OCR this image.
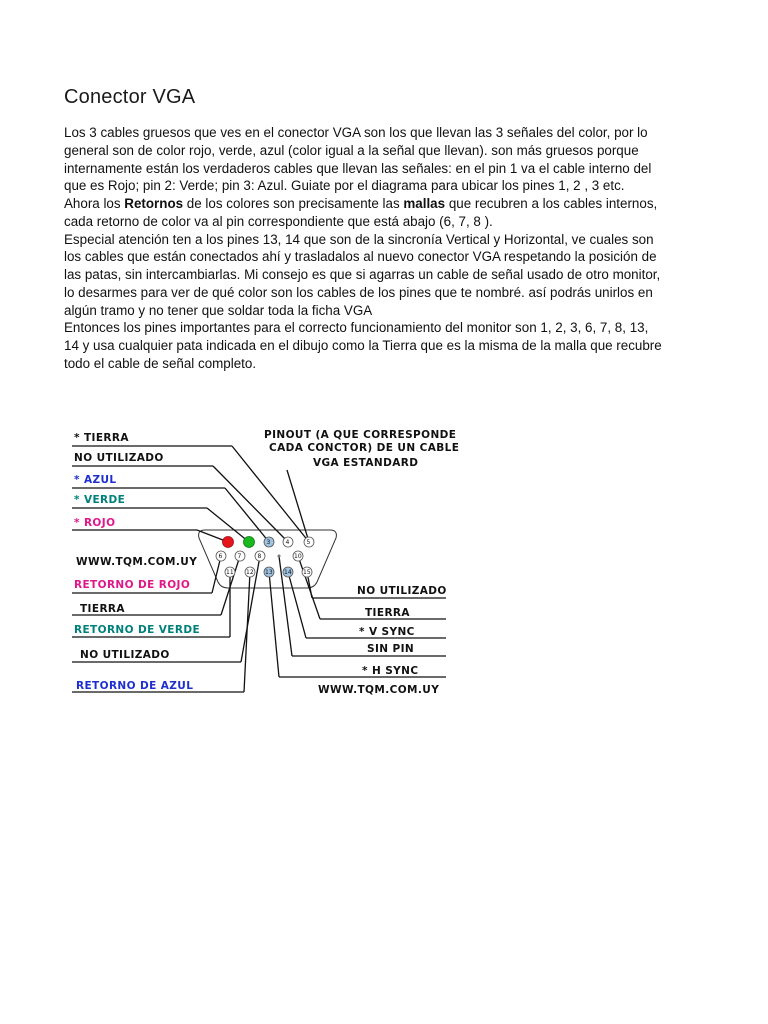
Conector VGA

Los 3 cables gruesos que ves en el conector VGA son los que llevan las 3 señales del color, por lo general son de color rojo, verde, azul (color igual a la señal que llevan). son más gruesos porque internamente están los verdaderos cables que llevan las señales: en el pin 1 va el cable interno del que es Rojo; pin 2: Verde; pin 3: Azul. Guiate por el diagrama para ubicar los pines 1, 2 , 3 etc.

Ahora los Retornos de los colores son precisamente las mallas que recubren a los cables internos, cada retorno de color va al pin correspondiente que está abajo (6, 7, 8 ).

Especial atención ten a los pines 13, 14 que son de la sincronía Vertical y Horizontal, ve cuales son los cables que están conectados ahí y trasladalos al nuevo conector VGA respetando la posición de las patas, sin intercambiarlas. Mi consejo es que si agarras un cable de señal usado de otro monitor, lo desarmes para ver de qué color son los cables de los pines que te nombré. así podrás unirlos en algún tramo y no tener que soldar toda la ficha VGA

Entonces los pines importantes para el correcto funcionamiento del monitor son 1, 2, 3, 6, 7, 8, 13, 14 y usa cualquier pata indicada en el dibujo como la Tierra que es la misma de la malla que recubre todo el cable de señal completo.

PINOUT (A QUE CORRESPONDE
CADA CONCTOR) DE UN CABLE
VGA ESTANDARD
* TIERRA
NO UTILIZADO
* AZUL
* VERDE
* ROJO
WWW.TQM.COM.UY
RETORNO DE ROJO
TIERRA
RETORNO DE VERDE
NO UTILIZADO
RETORNO DE AZUL
NO UTILIZADO
TIERRA
* V SYNC
SIN PIN
* H SYNC
WWW.TQM.COM.UY
3	4	5
6	7	8	10
11 12 13 14 15
